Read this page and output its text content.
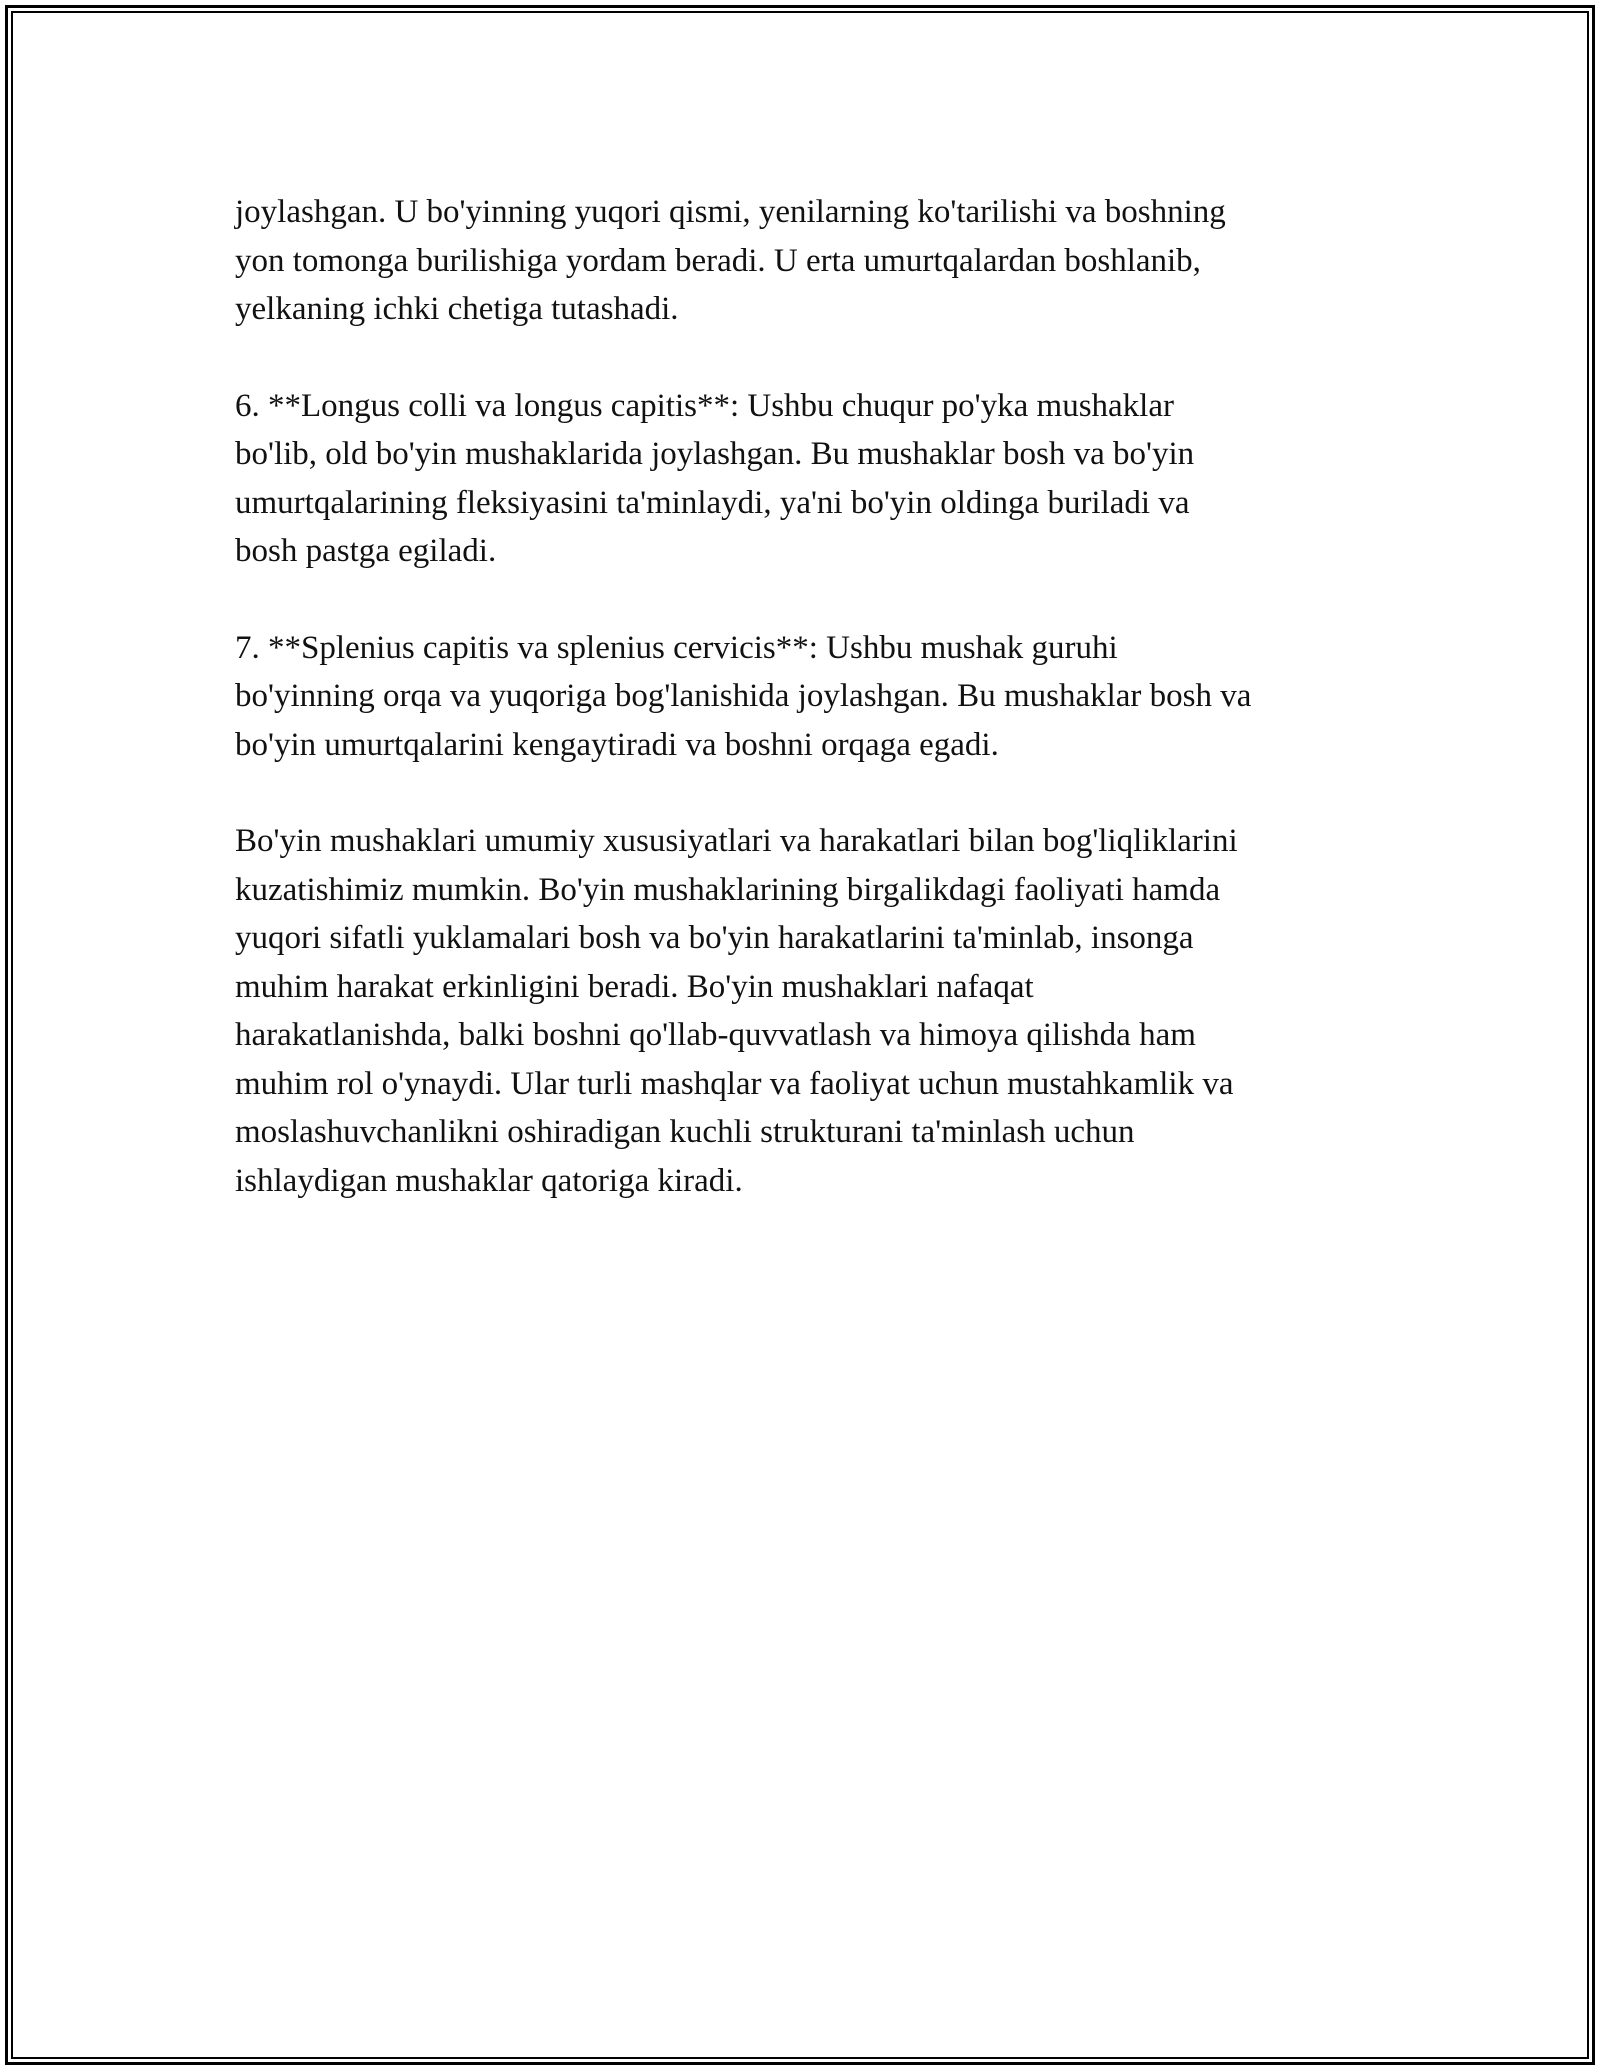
joylashgan. U bo'yinning yuqori qismi, yenilarning ko'tarilishi va boshning
yon tomonga burilishiga yordam beradi. U erta umurtqalardan boshlanib,
yelkaning ichki chetiga tutashadi.

6. **Longus colli va longus capitis**: Ushbu chuqur po'yka mushaklar
bo'lib, old bo'yin mushaklarida joylashgan. Bu mushaklar bosh va bo'yin
umurtqalarining fleksiyasini ta'minlaydi, ya'ni bo'yin oldinga buriladi va
bosh pastga egiladi.

7. **Splenius capitis va splenius cervicis**: Ushbu mushak guruhi
bo'yinning orqa va yuqoriga bog'lanishida joylashgan. Bu mushaklar bosh va
bo'yin umurtqalarini kengaytiradi va boshni orqaga egadi.

Bo'yin mushaklari umumiy xususiyatlari va harakatlari bilan bog'liqliklarini
kuzatishimiz mumkin. Bo'yin mushaklarining birgalikdagi faoliyati hamda
yuqori sifatli yuklamalari bosh va bo'yin harakatlarini ta'minlab, insonga
muhim harakat erkinligini beradi. Bo'yin mushaklari nafaqat
harakatlanishda, balki boshni qo'llab-quvvatlash va himoya qilishda ham
muhim rol o'ynaydi. Ular turli mashqlar va faoliyat uchun mustahkamlik va
moslashuvchanlikni oshiradigan kuchli strukturani ta'minlash uchun
ishlaydigan mushaklar qatoriga kiradi.
